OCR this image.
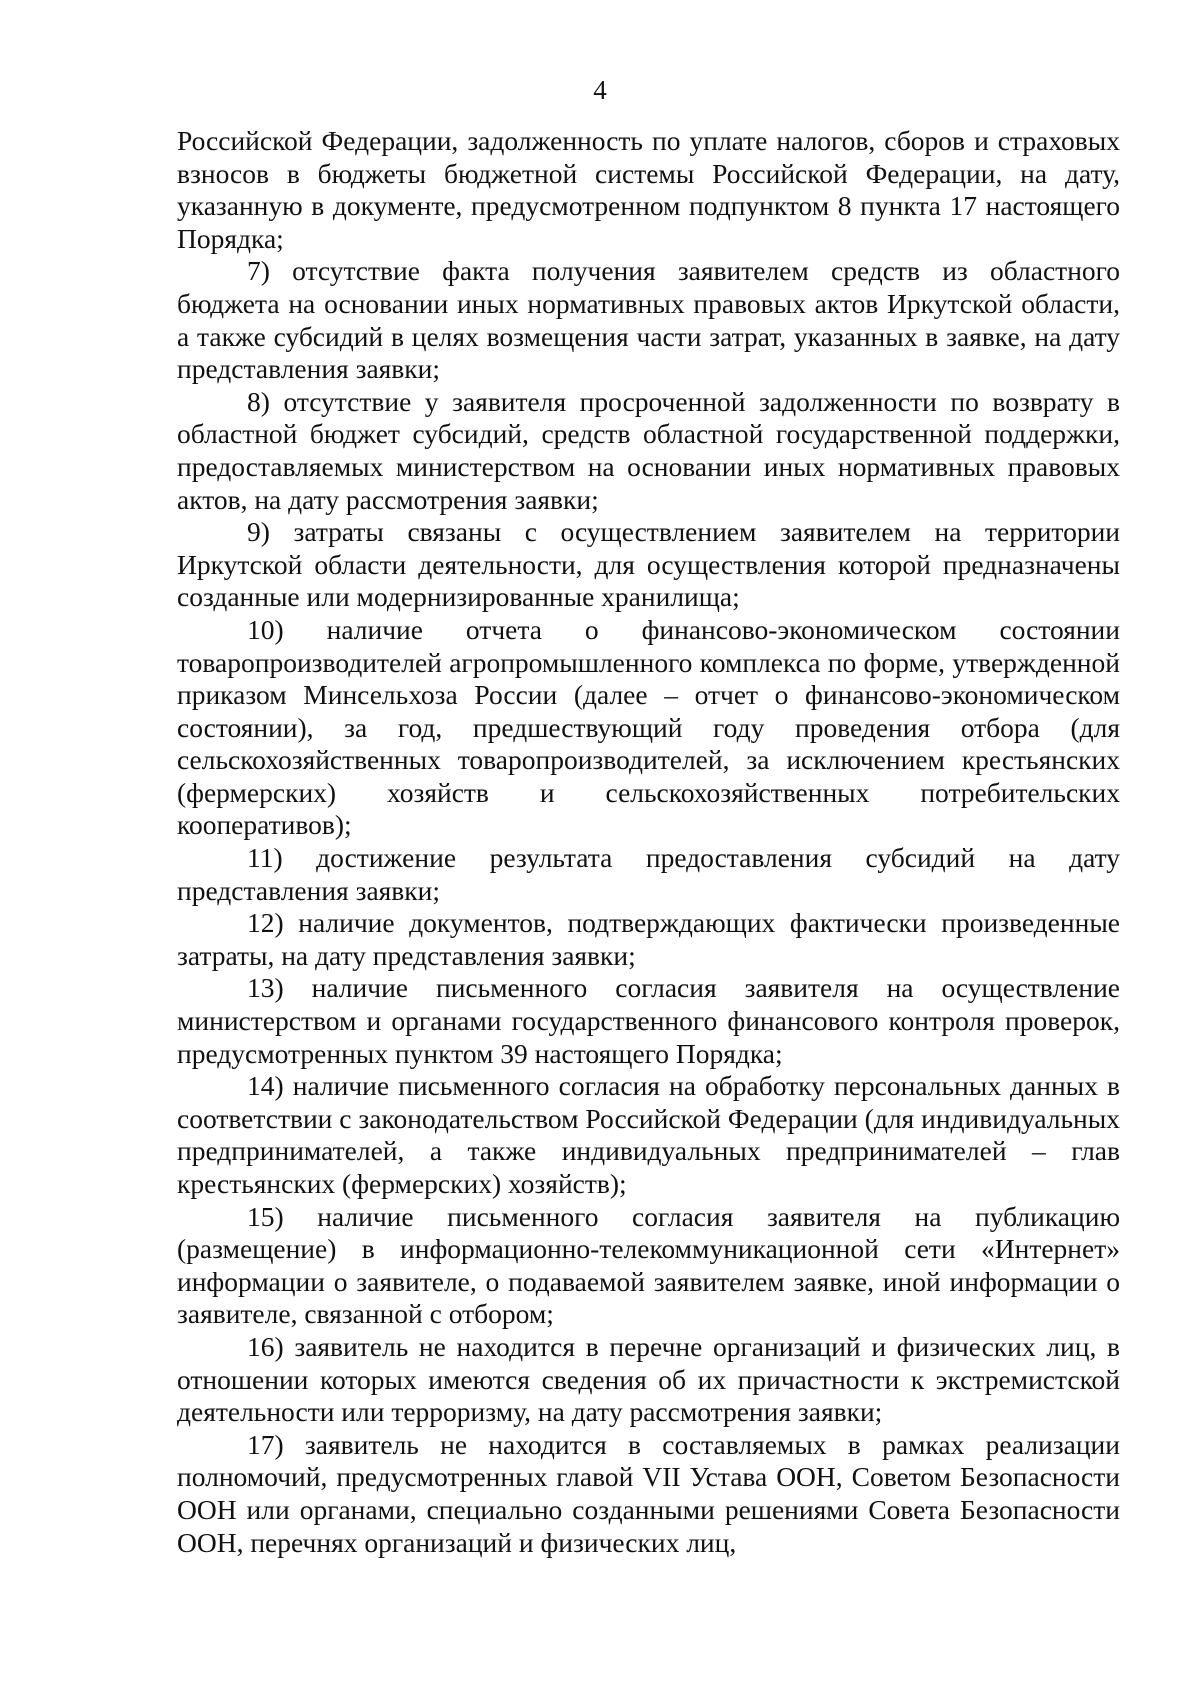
4

Российской Федерации, задолженность по уплате налогов, сборов и страховых взносов в бюджеты бюджетной системы Российской Федерации, на дату, указанную в документе, предусмотренном подпунктом 8 пункта 17 настоящего Порядка;

7) отсутствие факта получения заявителем средств из областного бюджета на основании иных нормативных правовых актов Иркутской области, а также субсидий в целях возмещения части затрат, указанных в заявке, на дату представления заявки;

8) отсутствие у заявителя просроченной задолженности по возврату в областной бюджет субсидий, средств областной государственной поддержки, предоставляемых министерством на основании иных нормативных правовых актов, на дату рассмотрения заявки;

9) затраты связаны с осуществлением заявителем на территории Иркутской области деятельности, для осуществления которой предназначены созданные или модернизированные хранилища;

10) наличие отчета о финансово-экономическом состоянии товаропроизводителей агропромышленного комплекса по форме, утвержденной приказом Минсельхоза России (далее – отчет о финансово-экономическом состоянии), за год, предшествующий году проведения отбора (для сельскохозяйственных товаропроизводителей, за исключением крестьянских (фермерских) хозяйств и сельскохозяйственных потребительских кооперативов);

11) достижение результата предоставления субсидий на дату представления заявки;

12) наличие документов, подтверждающих фактически произведенные затраты, на дату представления заявки;

13) наличие письменного согласия заявителя на осуществление министерством и органами государственного финансового контроля проверок, предусмотренных пунктом 39 настоящего Порядка;

14) наличие письменного согласия на обработку персональных данных в соответствии с законодательством Российской Федерации (для индивидуальных предпринимателей, а также индивидуальных предпринимателей – глав крестьянских (фермерских) хозяйств);

15) наличие письменного согласия заявителя на публикацию (размещение) в информационно-телекоммуникационной сети «Интернет» информации о заявителе, о подаваемой заявителем заявке, иной информации о заявителе, связанной с отбором;

16) заявитель не находится в перечне организаций и физических лиц, в отношении которых имеются сведения об их причастности к экстремистской деятельности или терроризму, на дату рассмотрения заявки;

17) заявитель не находится в составляемых в рамках реализации полномочий, предусмотренных главой VII Устава ООН, Советом Безопасности ООН или органами, специально созданными решениями Совета Безопасности ООН, перечнях организаций и физических лиц,
